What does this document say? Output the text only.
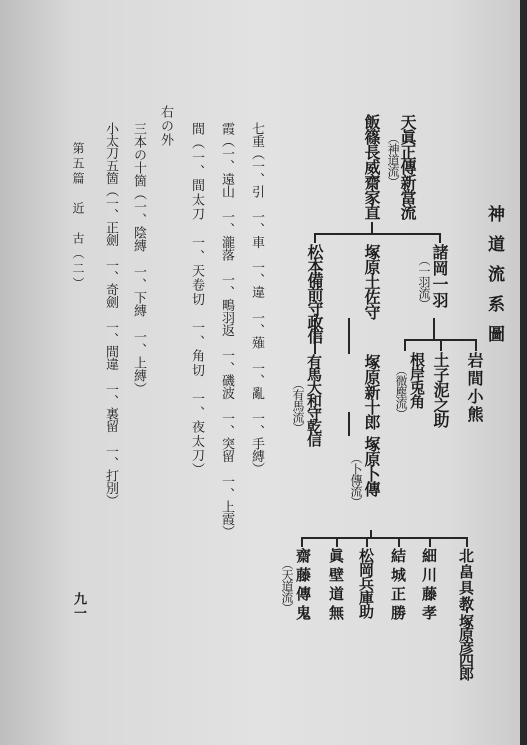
神道流系圖
天眞正傳新當流
（神道流）
飯篠長威齋家直
諸岡一羽
（一羽流）
塚原土佐守
松本備前守政信
岩間小熊
土子泥之助
根岸兎角
（微塵流）
塚原新十郎
塚原卜傳
（卜傳流）
有馬大和守乾信
（有馬流）
北畠具教
塚原彦四郎
細川藤孝
結城正勝
松岡兵庫助
眞壁道無
齋藤傳鬼
（天道流）
七重（一、引　一、車　一、違　一、薙　一、亂　一、手縛）
霞（一、遠山　一、瀧落　一、鴫羽返　一、磯波　一、突留　一、上霞）
間（一、間太刀　一、天卷切　一、角切　一、夜太刀）
右の外
三本の十箇（一、陰縛　一、下縛　一、上縛）
小太刀五箇（一、正劍　一、奇劍　一、間違　一、裏留　一、打別）
第五篇　近　古（二）
九一
